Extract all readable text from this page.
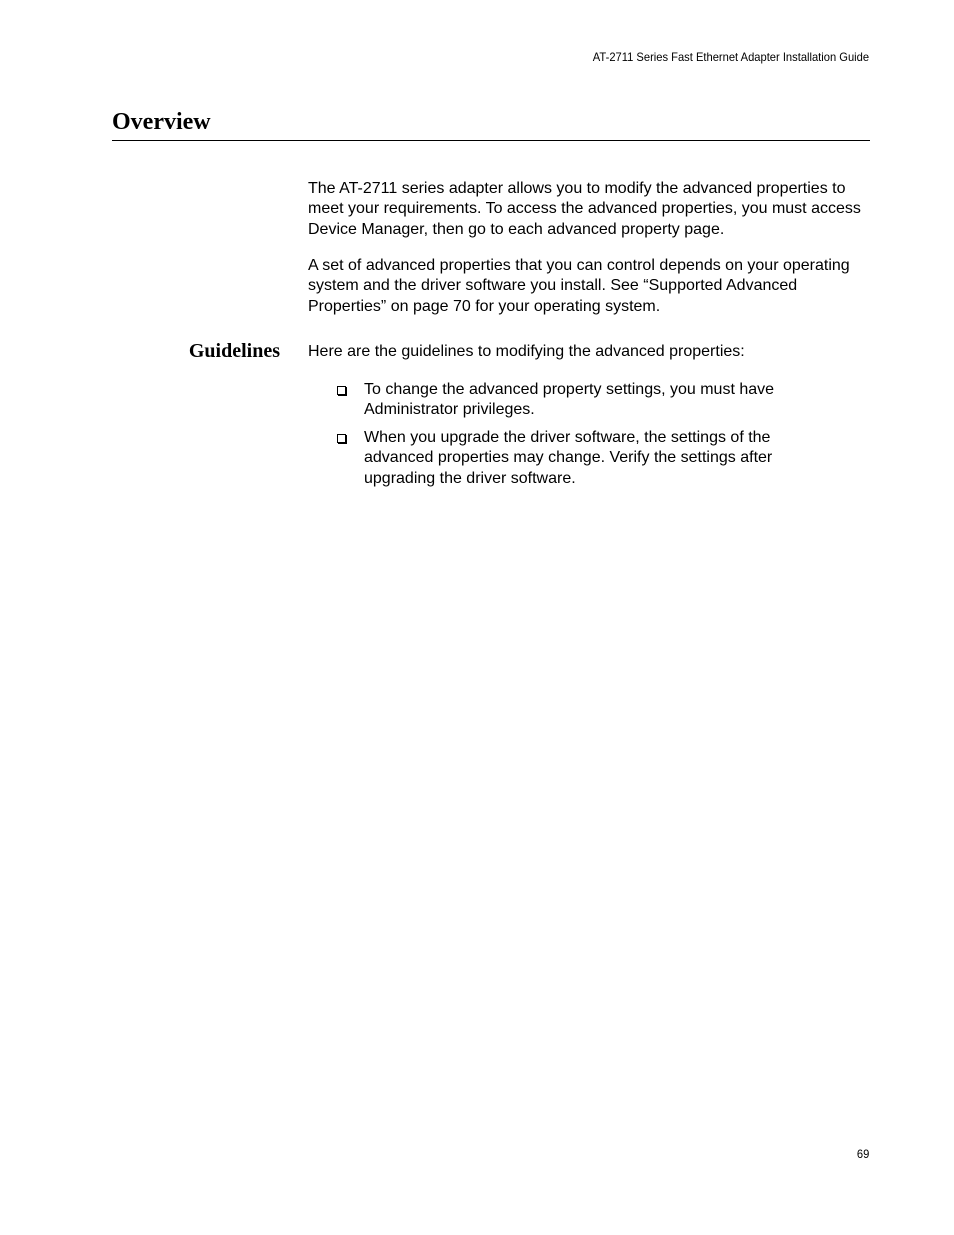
AT-2711 Series Fast Ethernet Adapter Installation Guide
Overview

The AT-2711 series adapter allows you to modify the advanced properties to meet your requirements. To access the advanced properties, you must access Device Manager, then go to each advanced property page.

A set of advanced properties that you can control depends on your operating system and the driver software you install. See “Supported Advanced Properties” on page 70 for your operating system.

Guidelines Here are the guidelines to modifying the advanced properties:

To change the advanced property settings, you must have Administrator privileges.
When you upgrade the driver software, the settings of the advanced properties may change. Verify the settings after upgrading the driver software.
69
